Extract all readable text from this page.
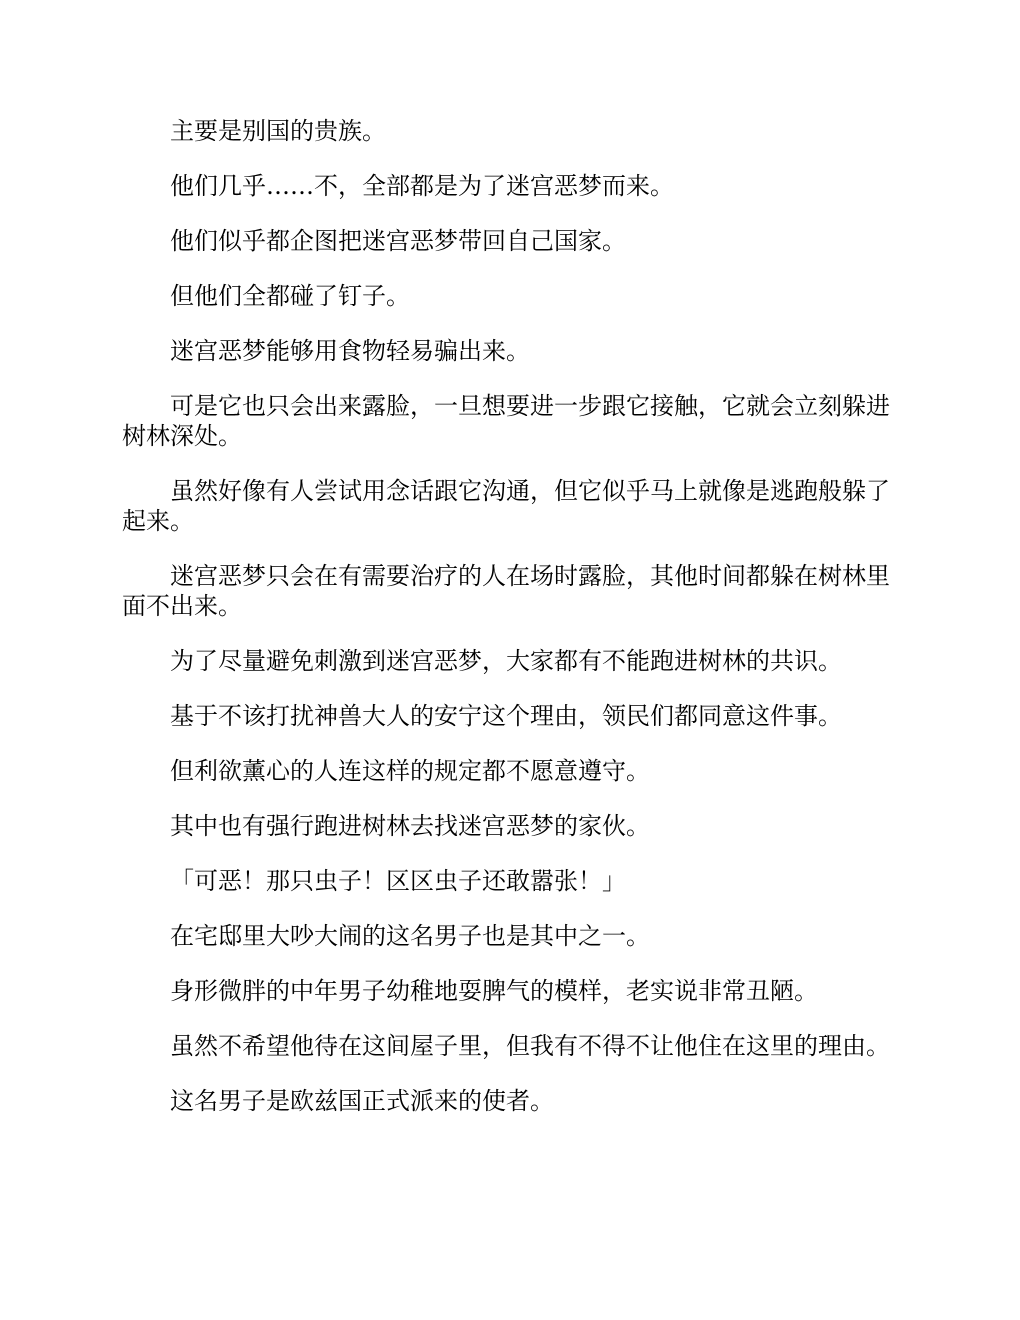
主要是别国的贵族。

他们几乎……不，全部都是为了迷宫恶梦而来。

他们似乎都企图把迷宫恶梦带回自己国家。

但他们全都碰了钉子。

迷宫恶梦能够用食物轻易骗出来。

可是它也只会出来露脸，一旦想要进一步跟它接触，它就会立刻躲进树林深处。

虽然好像有人尝试用念话跟它沟通，但它似乎马上就像是逃跑般躲了起来。

迷宫恶梦只会在有需要治疗的人在场时露脸，其他时间都躲在树林里面不出来。

为了尽量避免刺激到迷宫恶梦，大家都有不能跑进树林的共识。

基于不该打扰神兽大人的安宁这个理由，领民们都同意这件事。

但利欲薰心的人连这样的规定都不愿意遵守。

其中也有强行跑进树林去找迷宫恶梦的家伙。

「可恶！那只虫子！区区虫子还敢嚣张！」

在宅邸里大吵大闹的这名男子也是其中之一。

身形微胖的中年男子幼稚地耍脾气的模样，老实说非常丑陋。

虽然不希望他待在这间屋子里，但我有不得不让他住在这里的理由。

这名男子是欧兹国正式派来的使者。
